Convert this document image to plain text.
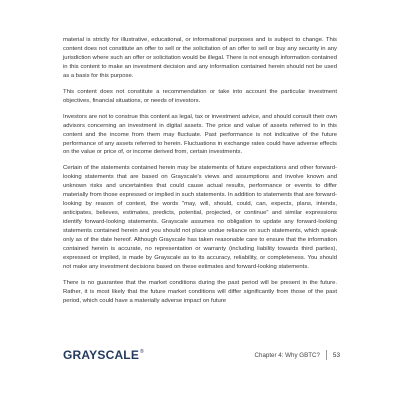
material is strictly for illustrative, educational, or informational purposes and is subject to change. This content does not constitute an offer to sell or the solicitation of an offer to sell or buy any security in any jurisdiction where such an offer or solicitation would be illegal. There is not enough information contained in this content to make an investment decision and any information contained herein should not be used as a basis for this purpose.

This content does not constitute a recommendation or take into account the particular investment objectives, financial situations, or needs of investors.

Investors are not to construe this content as legal, tax or investment advice, and should consult their own advisors concerning an investment in digital assets. The price and value of assets referred to in this content and the income from them may fluctuate. Past performance is not indicative of the future performance of any assets referred to herein. Fluctuations in exchange rates could have adverse effects on the value or price of, or income derived from, certain investments.

Certain of the statements contained herein may be statements of future expectations and other forward-looking statements that are based on Grayscale's views and assumptions and involve known and unknown risks and uncertainties that could cause actual results, performance or events to differ materially from those expressed or implied in such statements. In addition to statements that are forward-looking by reason of context, the words "may, will, should, could, can, expects, plans, intends, anticipates, believes, estimates, predicts, potential, projected, or continue" and similar expressions identify forward-looking statements. Grayscale assumes no obligation to update any forward-looking statements contained herein and you should not place undue reliance on such statements, which speak only as of the date hereof. Although Grayscale has taken reasonable care to ensure that the information contained herein is accurate, no representation or warranty (including liability towards third parties), expressed or implied, is made by Grayscale as to its accuracy, reliability, or completeness. You should not make any investment decisions based on these estimates and forward-looking statements.

There is no guarantee that the market conditions during the past period will be present in the future. Rather, it is most likely that the future market conditions will differ significantly from those of the past period, which could have a materially adverse impact on future

GRAYSCALE ®	Chapter 4: Why GBTC? 53
